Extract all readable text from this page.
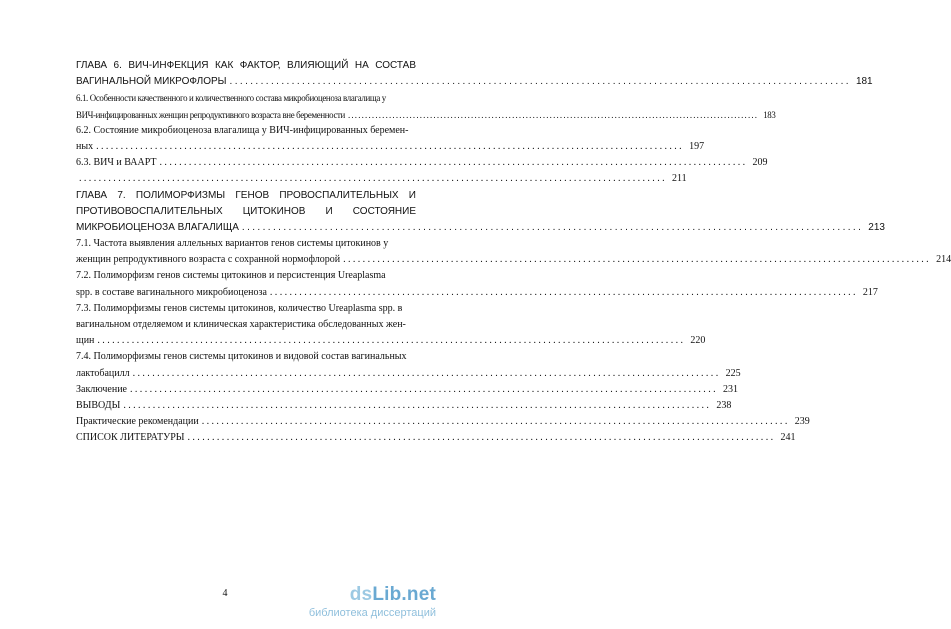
ГЛАВА 6. ВИЧ-ИНФЕКЦИЯ КАК ФАКТОР, ВЛИЯЮЩИЙ НА СОСТАВ
ВАГИНАЛЬНОЙ МИКРОФЛОРЫ ........................................................................................................................ 181
6.1. Особенности качественного и количественного состава микробиоценоза влагалища у
ВИЧ-инфицированных женщин репродуктивного возраста вне беременности ........................................................................................................................ 183
6.2. Состояние микробиоценоза влагалища у ВИЧ-инфицированных беремен-
ных ........................................................................................................................ 197
6.3. ВИЧ и ВААРТ ........................................................................................................................ 209
........................................................................................................................ 211
ГЛАВА 7. ПОЛИМОРФИЗМЫ ГЕНОВ ПРОВОСПАЛИТЕЛЬНЫХ И
ПРОТИВОВОСПАЛИТЕЛЬНЫХ ЦИТОКИНОВ И СОСТОЯНИЕ
МИКРОБИОЦЕНОЗА ВЛАГАЛИЩА ........................................................................................................................ 213
7.1. Частота выявления аллельных вариантов генов системы цитокинов у
женщин репродуктивного возраста с сохранной нормофлорой ........................................................................................................................ 214
7.2. Полиморфизм генов системы цитокинов и персистенция Ureaplasma
spp. в составе вагинального микробиоценоза ........................................................................................................................ 217
7.3. Полиморфизмы генов системы цитокинов, количество Ureaplasma spp. в
вагинальном отделяемом и клиническая характеристика обследованных жен-
щин ........................................................................................................................ 220
7.4. Полиморфизмы генов системы цитокинов и видовой состав вагинальных
лактобацилл ........................................................................................................................ 225
Заключение ........................................................................................................................ 231
ВЫВОДЫ ........................................................................................................................ 238
Практические рекомендации ........................................................................................................................ 239
СПИСОК ЛИТЕРАТУРЫ ........................................................................................................................ 241
4	dsLib.net
библиотека диссертаций
